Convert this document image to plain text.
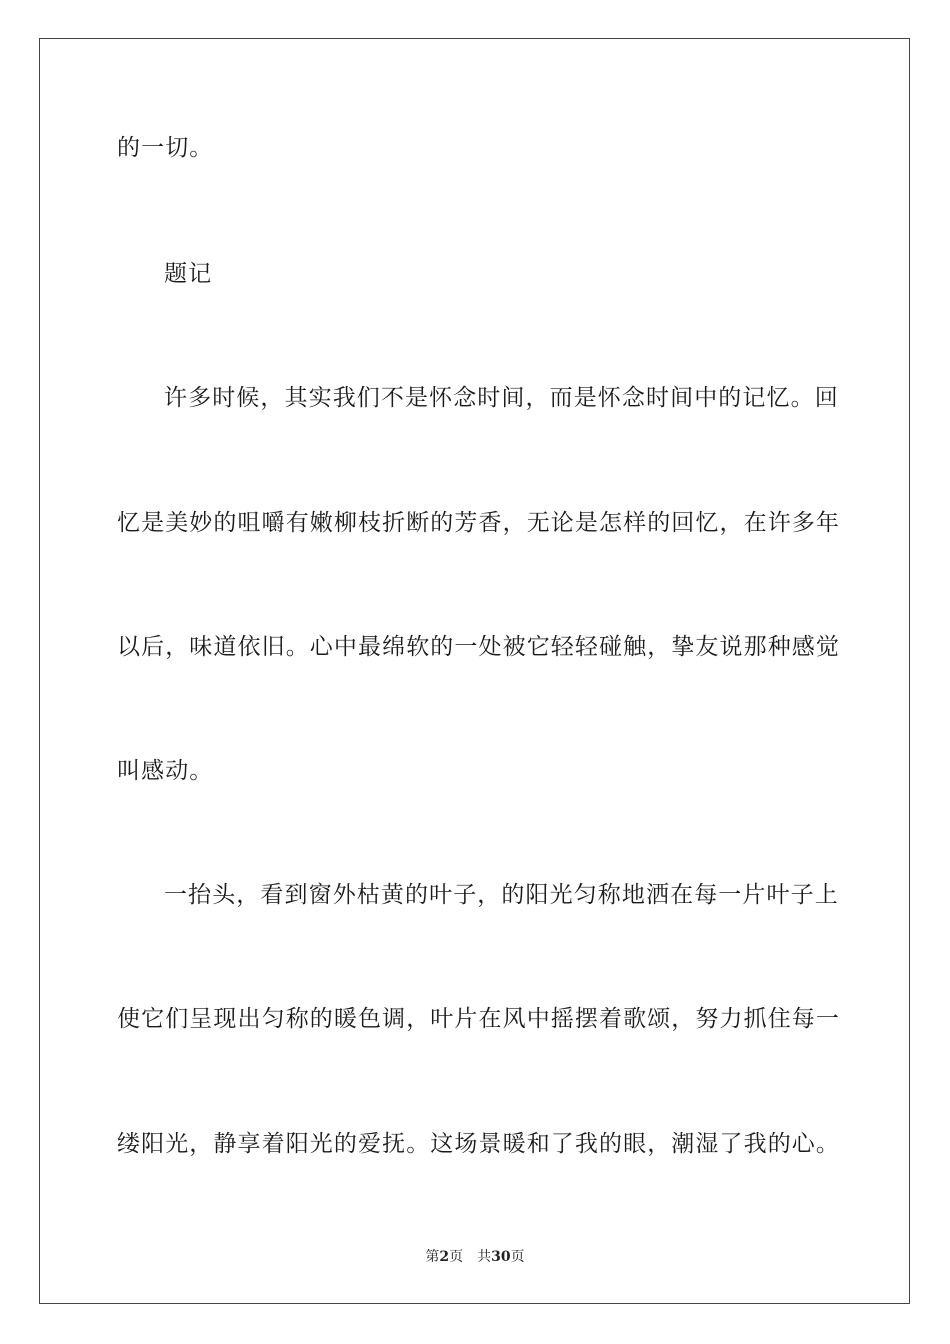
的一切。
题记
许多时候，其实我们不是怀念时间，而是怀念时间中的记忆。回
忆是美妙的咀嚼有嫩柳枝折断的芳香，无论是怎样的回忆，在许多年
以后，味道依旧。心中最绵软的一处被它轻轻碰触，挚友说那种感觉
叫感动。
一抬头，看到窗外枯黄的叶子，的阳光匀称地洒在每一片叶子上
使它们呈现出匀称的暖色调，叶片在风中摇摆着歌颂，努力抓住每一
缕阳光，静享着阳光的爱抚。这场景暖和了我的眼，潮湿了我的心。
第2页 共30页
